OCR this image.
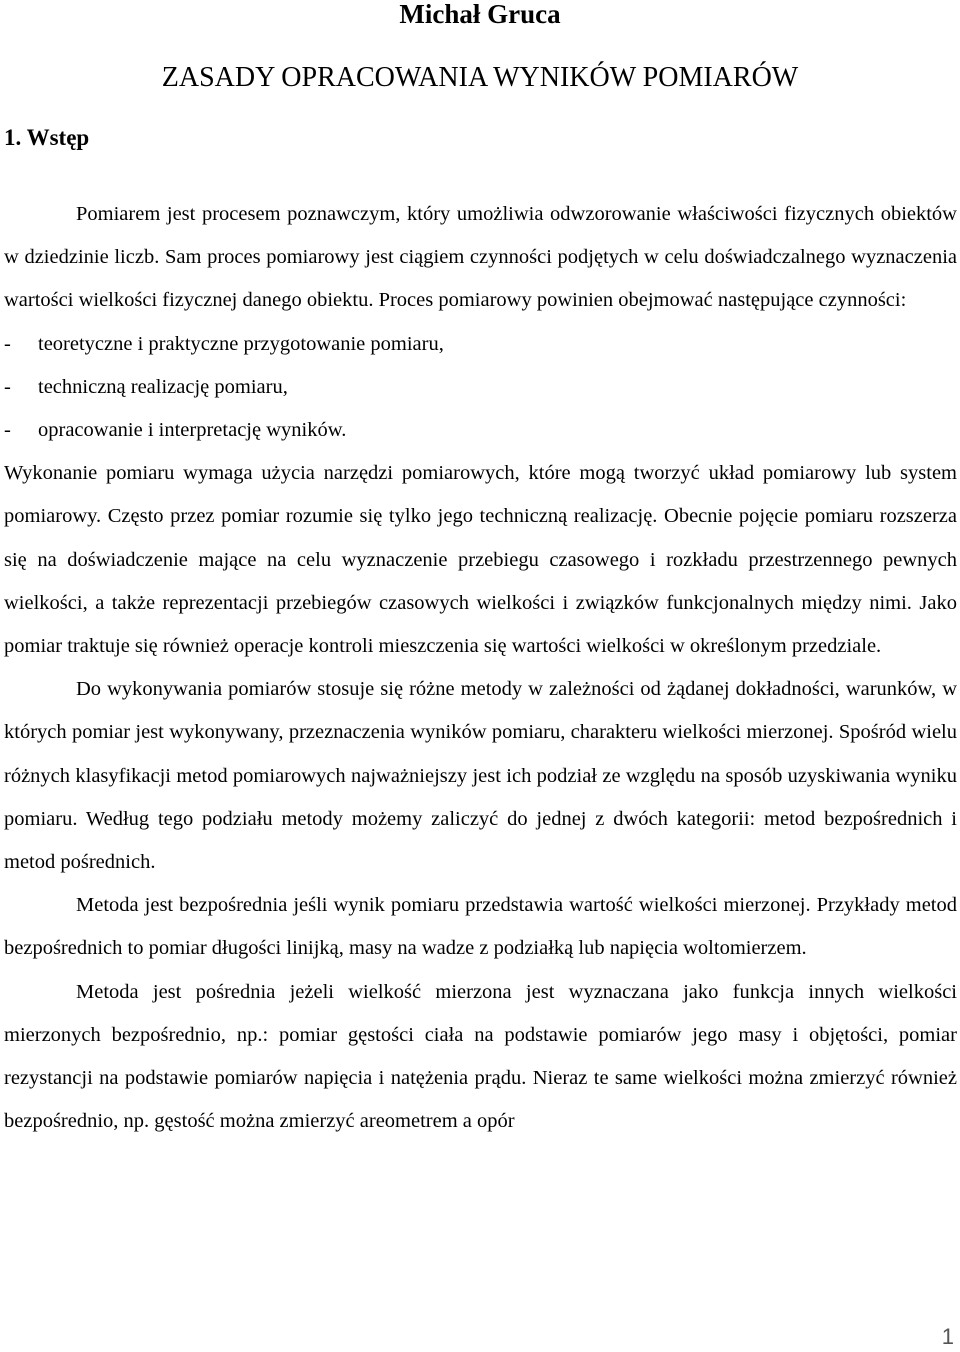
Michał Gruca
ZASADY OPRACOWANIA WYNIKÓW POMIARÓW
1. Wstęp

Pomiarem jest procesem poznawczym, który umożliwia odwzorowanie właściwości fizycznych obiektów w dziedzinie liczb. Sam proces pomiarowy jest ciągiem czynności podjętych w celu doświadczalnego wyznaczenia wartości wielkości fizycznej danego obiektu. Proces pomiarowy powinien obejmować następujące czynności:

- teoretyczne i praktyczne przygotowanie pomiaru,
- techniczną realizację pomiaru,
- opracowanie i interpretację wyników.

Wykonanie pomiaru wymaga użycia narzędzi pomiarowych, które mogą tworzyć układ pomiarowy lub system pomiarowy. Często przez pomiar rozumie się tylko jego techniczną realizację. Obecnie pojęcie pomiaru rozszerza się na doświadczenie mające na celu wyznaczenie przebiegu czasowego i rozkładu przestrzennego pewnych wielkości, a także reprezentacji przebiegów czasowych wielkości i związków funkcjonalnych między nimi. Jako pomiar traktuje się również operacje kontroli mieszczenia się wartości wielkości w określonym przedziale.

Do wykonywania pomiarów stosuje się różne metody w zależności od żądanej dokładności, warunków, w których pomiar jest wykonywany, przeznaczenia wyników pomiaru, charakteru wielkości mierzonej. Spośród wielu różnych klasyfikacji metod pomiarowych najważniejszy jest ich podział ze względu na sposób uzyskiwania wyniku pomiaru. Według tego podziału metody możemy zaliczyć do jednej z dwóch kategorii: metod bezpośrednich i metod pośrednich.

Metoda jest bezpośrednia jeśli wynik pomiaru przedstawia wartość wielkości mierzonej. Przykłady metod bezpośrednich to pomiar długości linijką, masy na wadze z podziałką lub napięcia woltomierzem.

Metoda jest pośrednia jeżeli wielkość mierzona jest wyznaczana jako funkcja innych wielkości mierzonych bezpośrednio, np.: pomiar gęstości ciała na podstawie pomiarów jego masy i objętości, pomiar rezystancji na podstawie pomiarów napięcia i natężenia prądu. Nieraz te same wielkości można zmierzyć również bezpośrednio, np. gęstość można zmierzyć areometrem a opór

1
